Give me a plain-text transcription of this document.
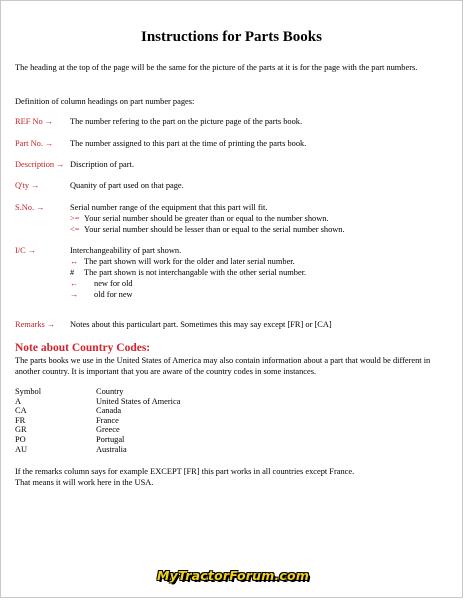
Instructions for Parts Books
The heading at the top of the page will be the same for the picture of the parts at it is for the page with the part numbers.
Definition of column headings on part number pages:
REF No → The number refering to the part on the picture page of the parts book.
Part No. → The number assigned to this part at the time of printing the parts book.
Description → Discription of part.
Q'ty →	Quanity of part used on that page.
S.No. →	Serial number range of the equipment that this part will fit.
>= Your serial number should be greater than or equal to the number shown.
<= Your serial number should be lesser than or equal to the serial number shown.
I/C →	Interchangeability of part shown.
↔ The part shown will work for the older and later serial number.
# The part shown is not interchangable with the other serial number.
← new for old
→ old for new
Remarks → Notes about this particulart part. Sometimes this may say except [FR] or [CA]
Note about Country Codes:
The parts books we use in the United States of America may also contain information about a part that would be different in another country. It is important that you are aware of the country codes in some instances.
Symbol	Country
A	United States of America
CA	Canada
FR	France
GR	Greece
PO	Portugal
AU	Australia
If the remarks column says for example EXCEPT [FR] this part works in all countries except France.
That means it will work here in the USA.
MyTractorForum.com
